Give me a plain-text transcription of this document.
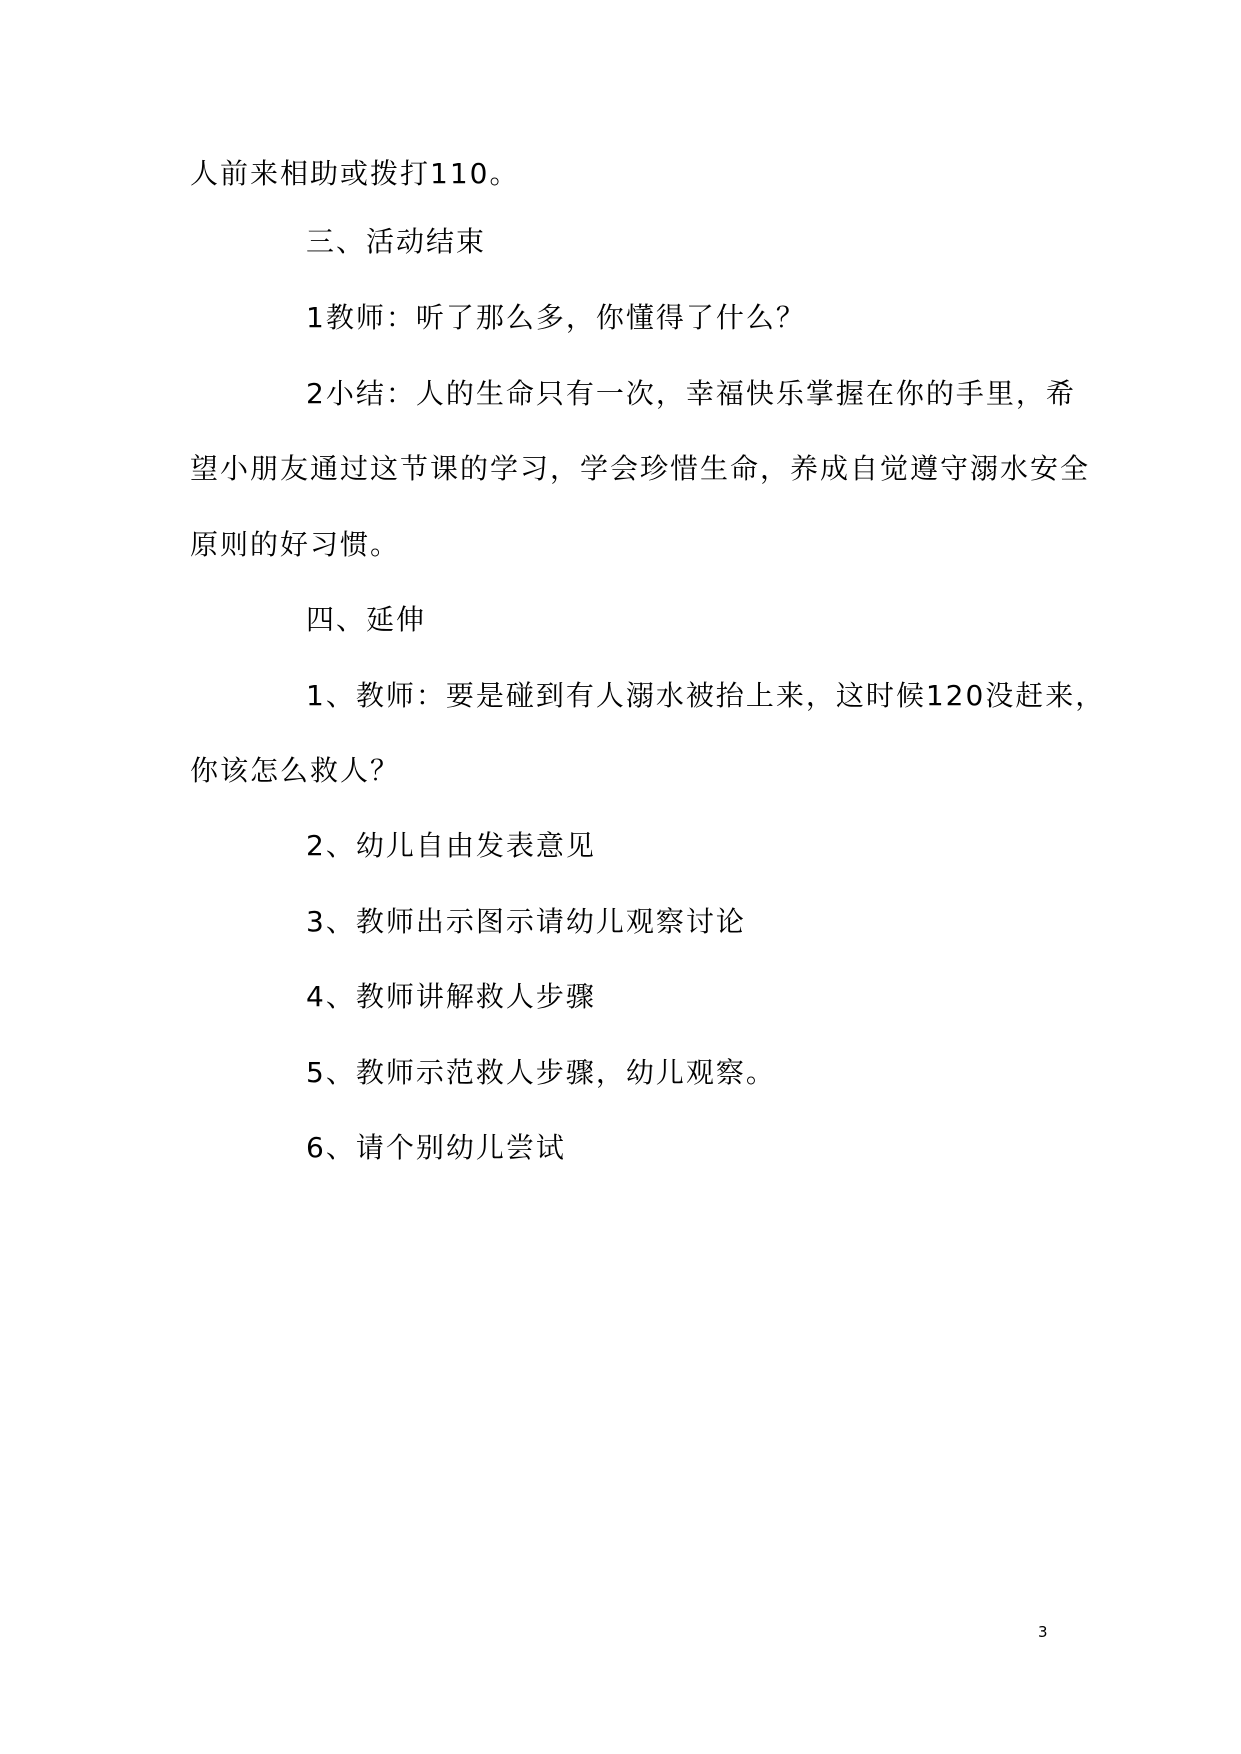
人前来相助或拨打110。
三、活动结束
1教师：听了那么多，你懂得了什么？
2小结：人的生命只有一次，幸福快乐掌握在你的手里，希
望小朋友通过这节课的学习，学会珍惜生命，养成自觉遵守溺水安全
原则的好习惯。
四、延伸
1、教师：要是碰到有人溺水被抬上来，这时候120没赶来，
你该怎么救人？
2、幼儿自由发表意见
3、教师出示图示请幼儿观察讨论
4、教师讲解救人步骤
5、教师示范救人步骤，幼儿观察。
6、请个别幼儿尝试
3
